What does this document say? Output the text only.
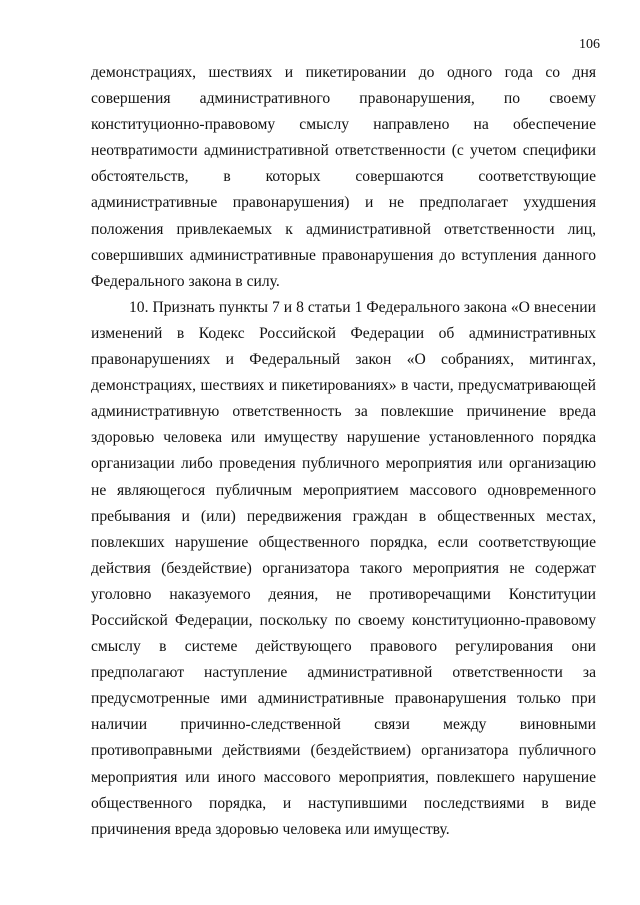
106

демонстрациях, шествиях и пикетировании до одного года со дня совершения административного правонарушения, по своему конституционно-правовому смыслу направлено на обеспечение неотвратимости административной ответственности (с учетом специфики обстоятельств, в которых совершаются соответствующие административные правонарушения) и не предполагает ухудшения положения привлекаемых к административной ответственности лиц, совершивших административные правонарушения до вступления данного Федерального закона в силу.

10. Признать пункты 7 и 8 статьи 1 Федерального закона «О внесении изменений в Кодекс Российской Федерации об административных правонарушениях и Федеральный закон «О собраниях, митингах, демонстрациях, шествиях и пикетированиях» в части, предусматривающей административную ответственность за повлекшие причинение вреда здоровью человека или имуществу нарушение установленного порядка организации либо проведения публичного мероприятия или организацию не являющегося публичным мероприятием массового одновременного пребывания и (или) передвижения граждан в общественных местах, повлекших нарушение общественного порядка, если соответствующие действия (бездействие) организатора такого мероприятия не содержат уголовно наказуемого деяния, не противоречащими Конституции Российской Федерации, поскольку по своему конституционно-правовому смыслу в системе действующего правового регулирования они предполагают наступление административной ответственности за предусмотренные ими административные правонарушения только при наличии причинно-следственной связи между виновными противоправными действиями (бездействием) организатора публичного мероприятия или иного массового мероприятия, повлекшего нарушение общественного порядка, и наступившими последствиями в виде причинения вреда здоровью человека или имуществу.
